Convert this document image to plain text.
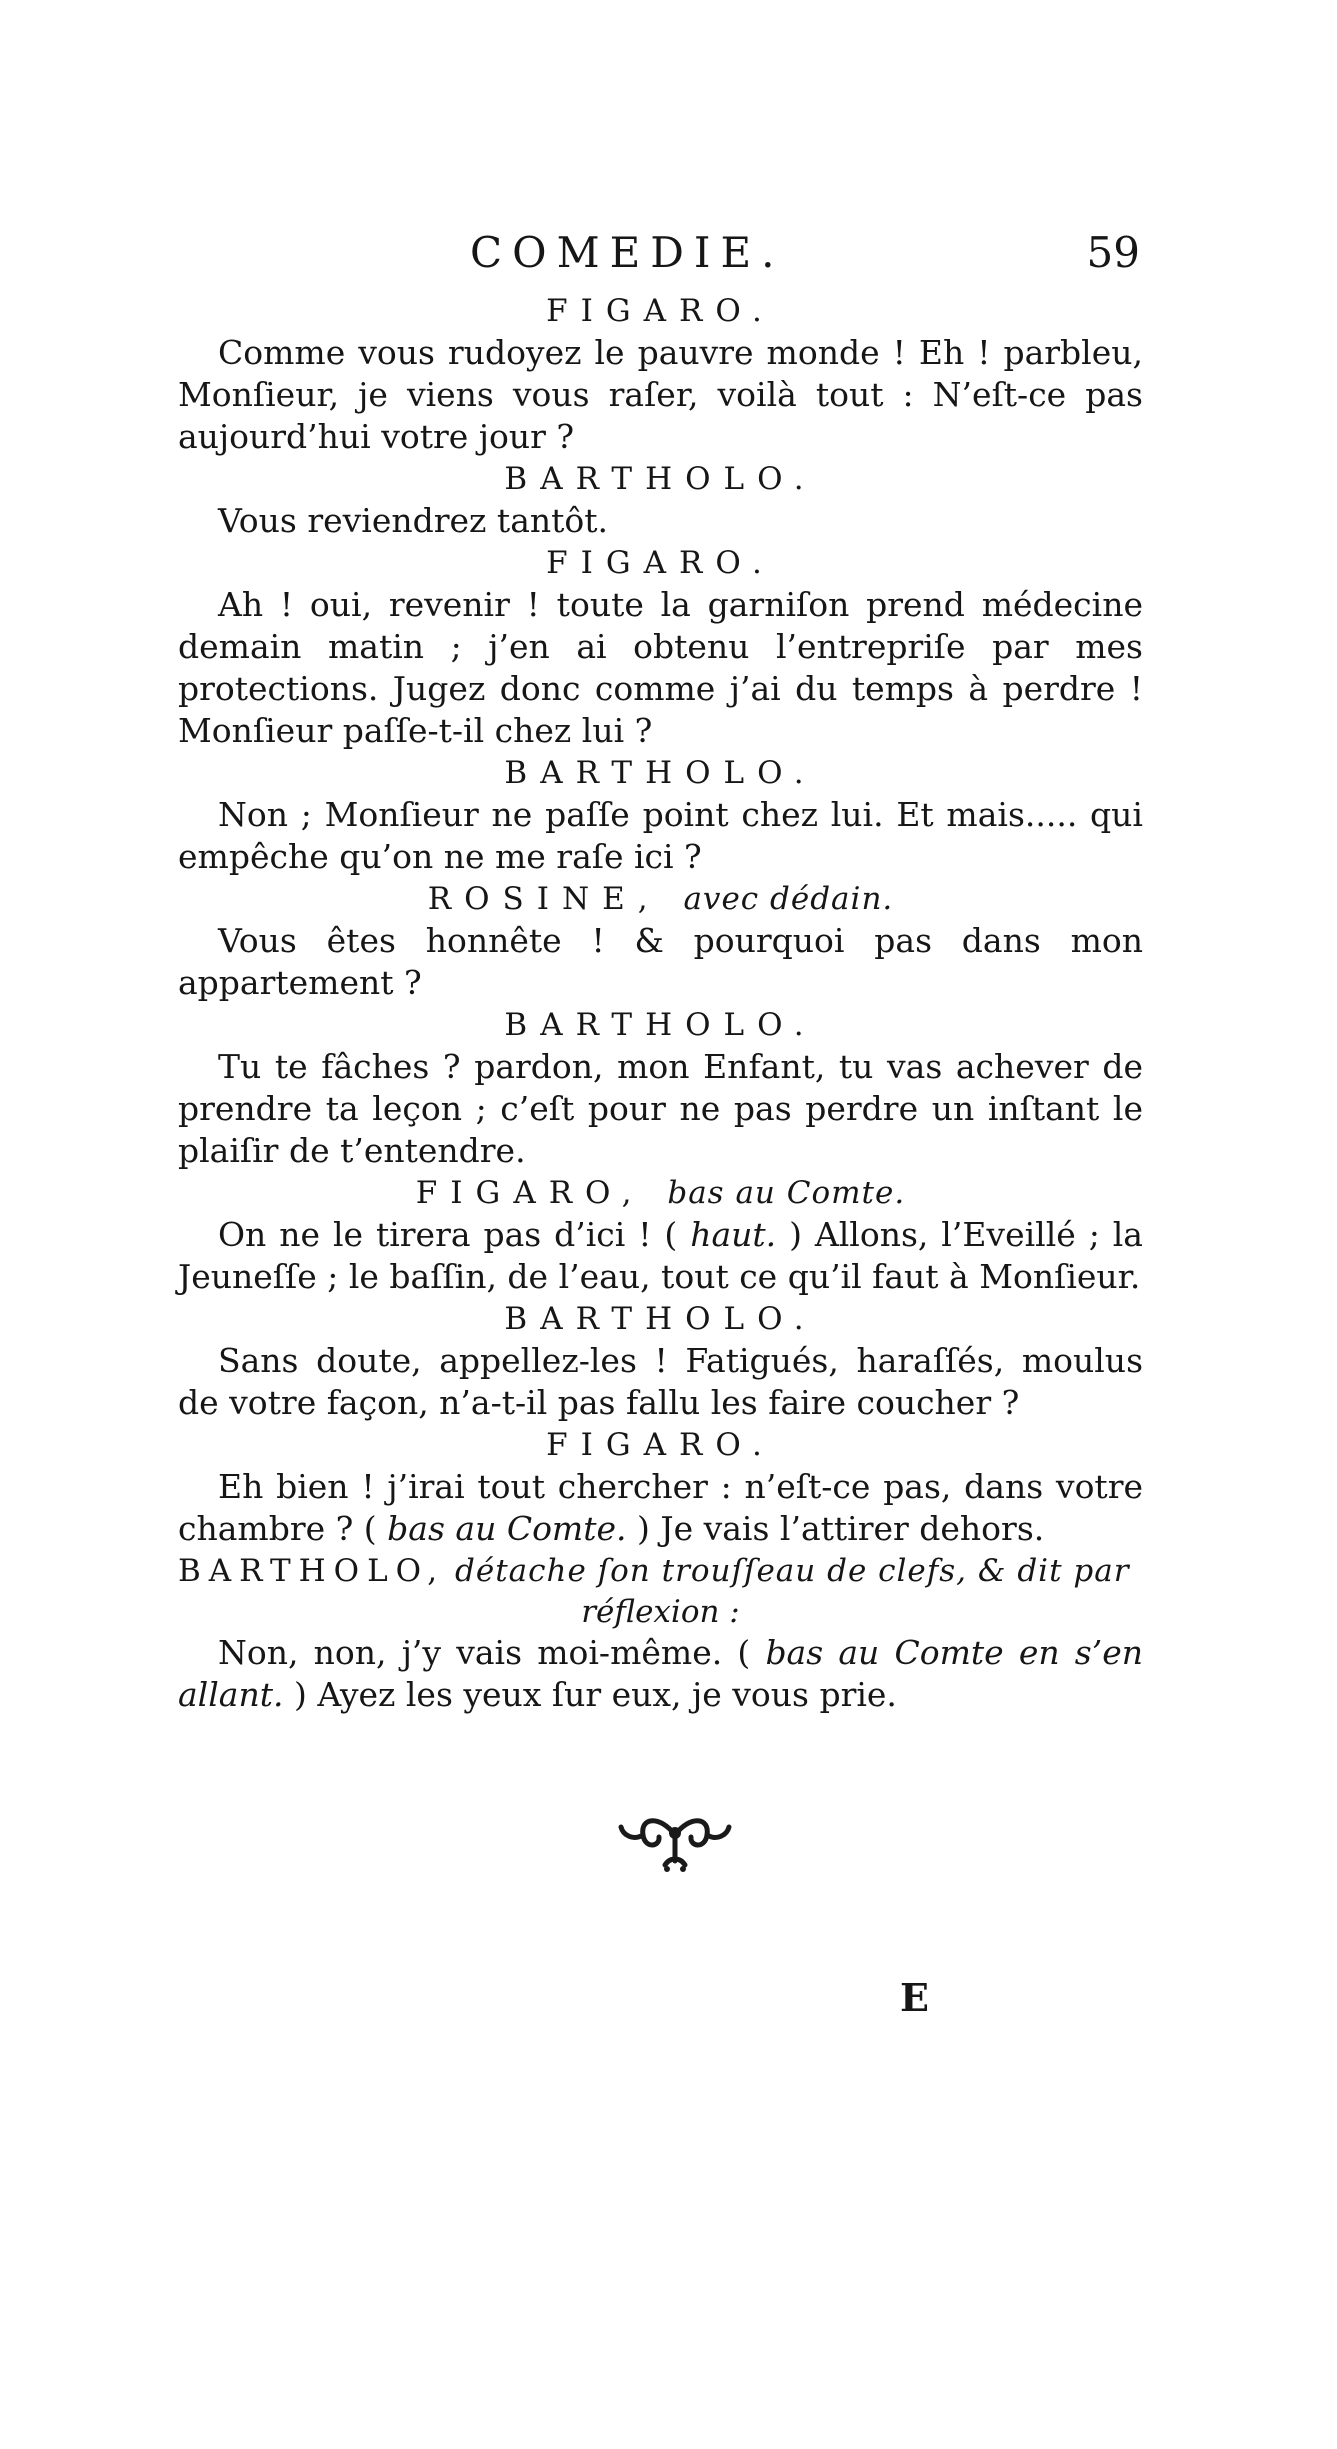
COMEDIE.	59
FIGARO.
Comme vous rudoyez le pauvre monde ! Eh ! parbleu, Monſieur, je viens vous raſer, voilà tout : N’eſt-ce pas aujourd’hui votre jour ?
BARTHOLO.
Vous reviendrez tantôt.
FIGARO.
Ah ! oui, revenir ! toute la garniſon prend médecine demain matin ; j’en ai obtenu l’entrepriſe par mes protections. Jugez donc comme j’ai du temps à perdre ! Monſieur paſſe-t-il chez lui ?
BARTHOLO.
Non ; Monſieur ne paſſe point chez lui. Et mais..... qui empêche qu’on ne me raſe ici ?
ROSINE, avec dédain.
Vous êtes honnête ! & pourquoi pas dans mon appartement ?
BARTHOLO.
Tu te fâches ? pardon, mon Enfant, tu vas achever de prendre ta leçon ; c’eſt pour ne pas perdre un inſtant le plaiſir de t’entendre.
FIGARO, bas au Comte.
On ne le tirera pas d’ici ! ( haut. ) Allons, l’Eveillé ; la Jeuneſſe ; le baſſin, de l’eau, tout ce qu’il faut à Monſieur.
BARTHOLO.
Sans doute, appellez-les ! Fatigués, haraſſés, moulus de votre façon, n’a-t-il pas fallu les faire coucher ?
FIGARO.
Eh bien ! j’irai tout chercher : n’eſt-ce pas, dans votre chambre ? ( bas au Comte. ) Je vais l’attirer dehors.
BARTHOLO, détache ſon trouſſeau de clefs, & dit par
réflexion :
Non, non, j’y vais moi-même. ( bas au Comte en s’en allant. ) Ayez les yeux ſur eux, je vous prie.
E
